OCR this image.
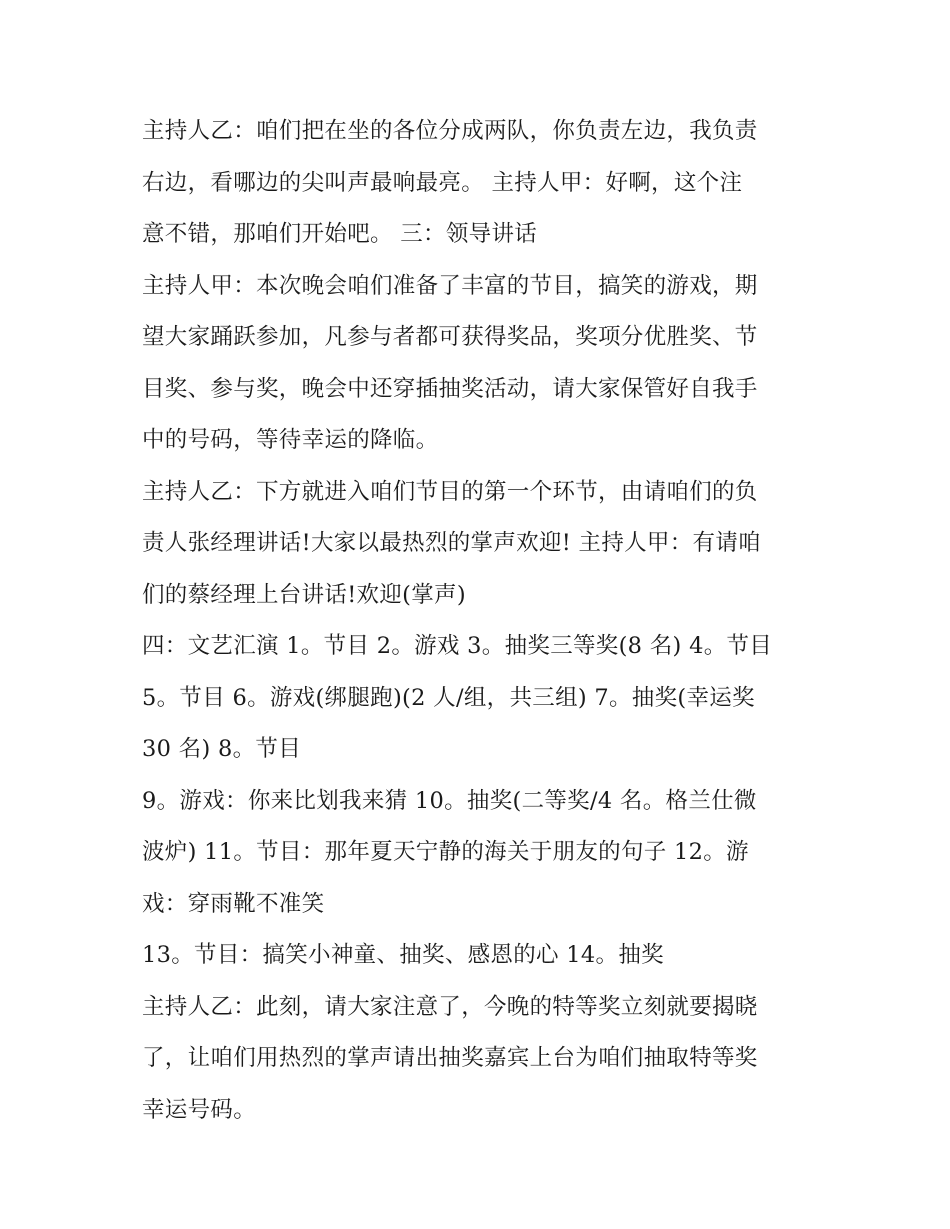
主持人乙：咱们把在坐的各位分成两队，你负责左边，我负责
右边，看哪边的尖叫声最响最亮。 主持人甲：好啊，这个注
意不错，那咱们开始吧。 三：领导讲话
主持人甲：本次晚会咱们准备了丰富的节目，搞笑的游戏，期
望大家踊跃参加，凡参与者都可获得奖品，奖项分优胜奖、节
目奖、参与奖，晚会中还穿插抽奖活动，请大家保管好自我手
中的号码，等待幸运的降临。
主持人乙：下方就进入咱们节目的第一个环节，由请咱们的负
责人张经理讲话!大家以最热烈的掌声欢迎! 主持人甲：有请咱
们的蔡经理上台讲话!欢迎(掌声)
四：文艺汇演 1。节目 2。游戏 3。抽奖三等奖(8 名) 4。节目
5。节目 6。游戏(绑腿跑)(2 人/组，共三组) 7。抽奖(幸运奖
30 名) 8。节目
9。游戏：你来比划我来猜 10。抽奖(二等奖/4 名。格兰仕微
波炉) 11。节目：那年夏天宁静的海关于朋友的句子 12。游
戏：穿雨靴不准笑
13。节目：搞笑小神童、抽奖、感恩的心 14。抽奖
主持人乙：此刻，请大家注意了，今晚的特等奖立刻就要揭晓
了，让咱们用热烈的掌声请出抽奖嘉宾上台为咱们抽取特等奖
幸运号码。
